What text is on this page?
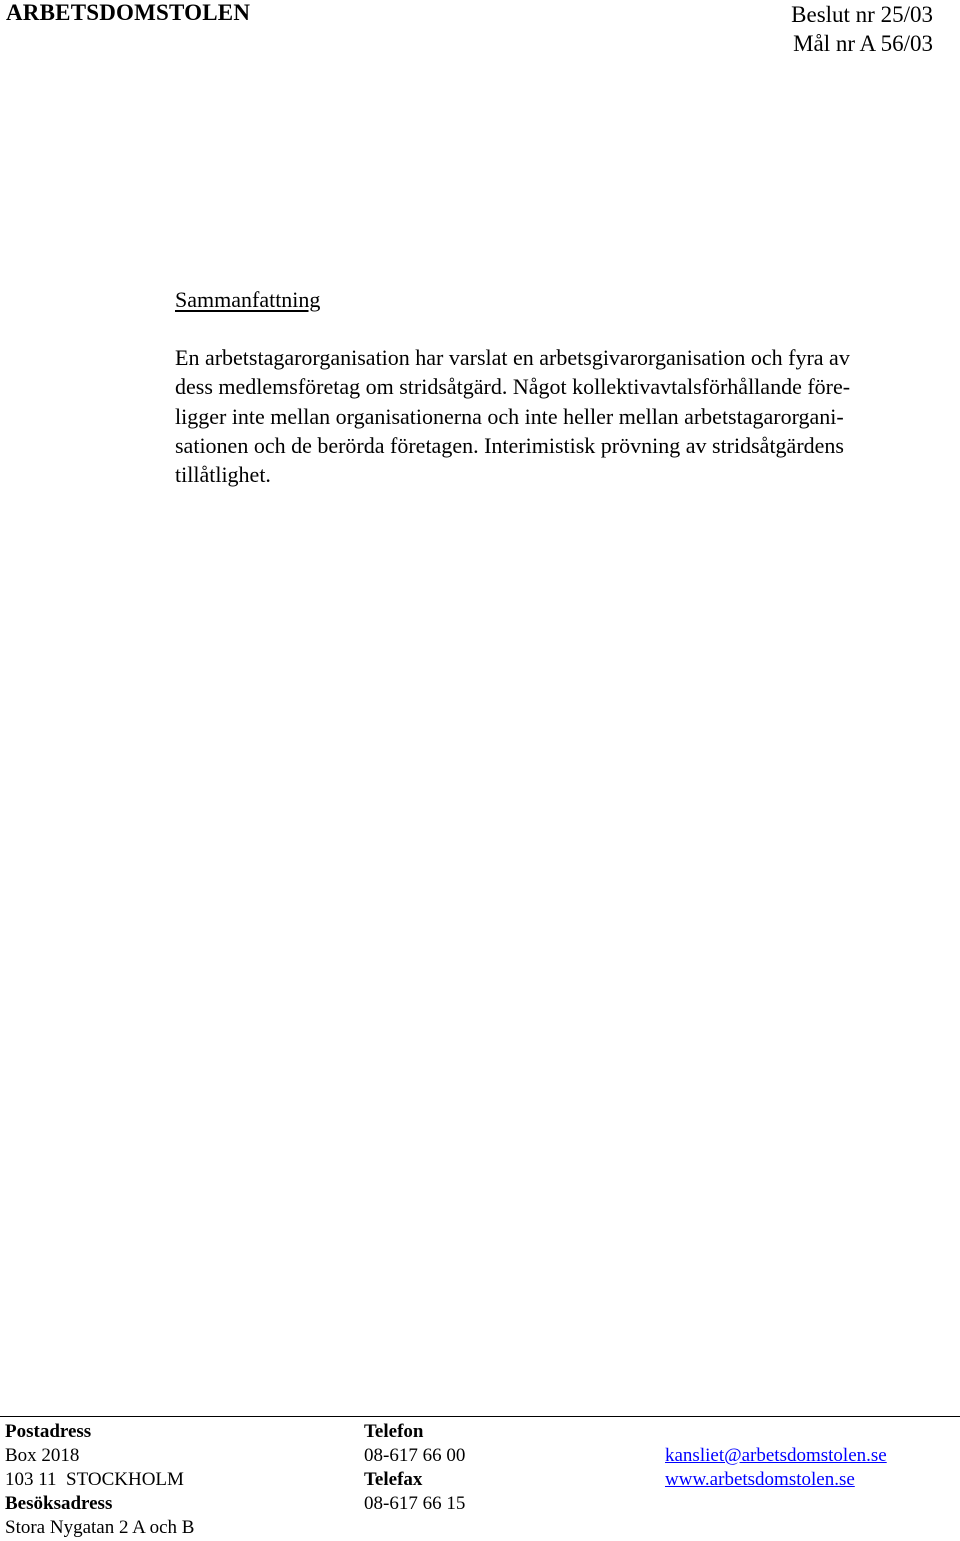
ARBETSDOMSTOLEN	Beslut nr 25/03
Mål nr A 56/03
Sammanfattning
En arbetstagarorganisation har varslat en arbetsgivarorganisation och fyra av
dess medlemsföretag om stridsåtgärd. Något kollektivavtalsförhållande före-
ligger inte mellan organisationerna och inte heller mellan arbetstagarorgani-
sationen och de berörda företagen. Interimistisk prövning av stridsåtgärdens
tillåtlighet.
Postadress
Box 2018
103 11  STOCKHOLM
Besöksadress
Stora Nygatan 2 A och B
Telefon
08-617 66 00
Telefax
08-617 66 15
kansliet@arbetsdomstolen.se
www.arbetsdomstolen.se
